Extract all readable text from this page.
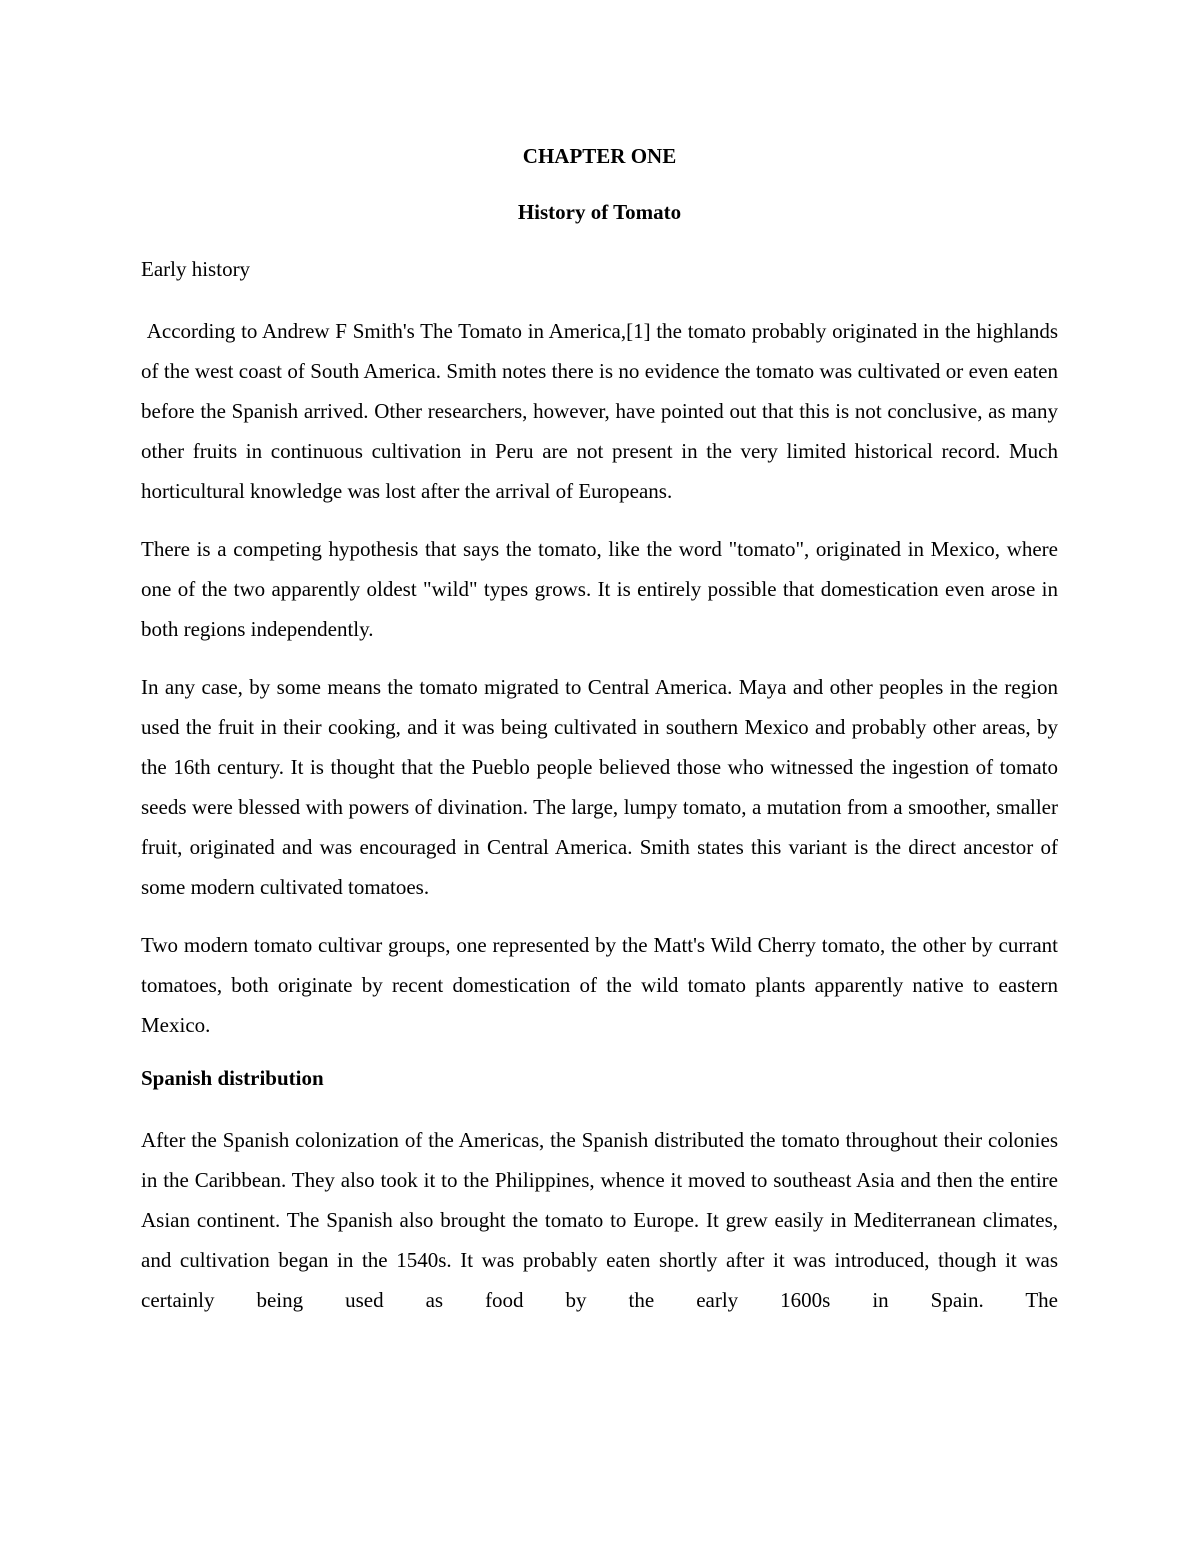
CHAPTER ONE
History of Tomato
Early history

According to Andrew F Smith's The Tomato in America,[1] the tomato probably originated in the highlands of the west coast of South America. Smith notes there is no evidence the tomato was cultivated or even eaten before the Spanish arrived. Other researchers, however, have pointed out that this is not conclusive, as many other fruits in continuous cultivation in Peru are not present in the very limited historical record. Much horticultural knowledge was lost after the arrival of Europeans.

There is a competing hypothesis that says the tomato, like the word "tomato", originated in Mexico, where one of the two apparently oldest "wild" types grows. It is entirely possible that domestication even arose in both regions independently.

In any case, by some means the tomato migrated to Central America. Maya and other peoples in the region used the fruit in their cooking, and it was being cultivated in southern Mexico and probably other areas, by the 16th century. It is thought that the Pueblo people believed those who witnessed the ingestion of tomato seeds were blessed with powers of divination. The large, lumpy tomato, a mutation from a smoother, smaller fruit, originated and was encouraged in Central America. Smith states this variant is the direct ancestor of some modern cultivated tomatoes.

Two modern tomato cultivar groups, one represented by the Matt's Wild Cherry tomato, the other by currant tomatoes, both originate by recent domestication of the wild tomato plants apparently native to eastern Mexico.

Spanish distribution

After the Spanish colonization of the Americas, the Spanish distributed the tomato throughout their colonies in the Caribbean. They also took it to the Philippines, whence it moved to southeast Asia and then the entire Asian continent. The Spanish also brought the tomato to Europe. It grew easily in Mediterranean climates, and cultivation began in the 1540s. It was probably eaten shortly after it was introduced, though it was certainly being used as food by the early 1600s in Spain. The
